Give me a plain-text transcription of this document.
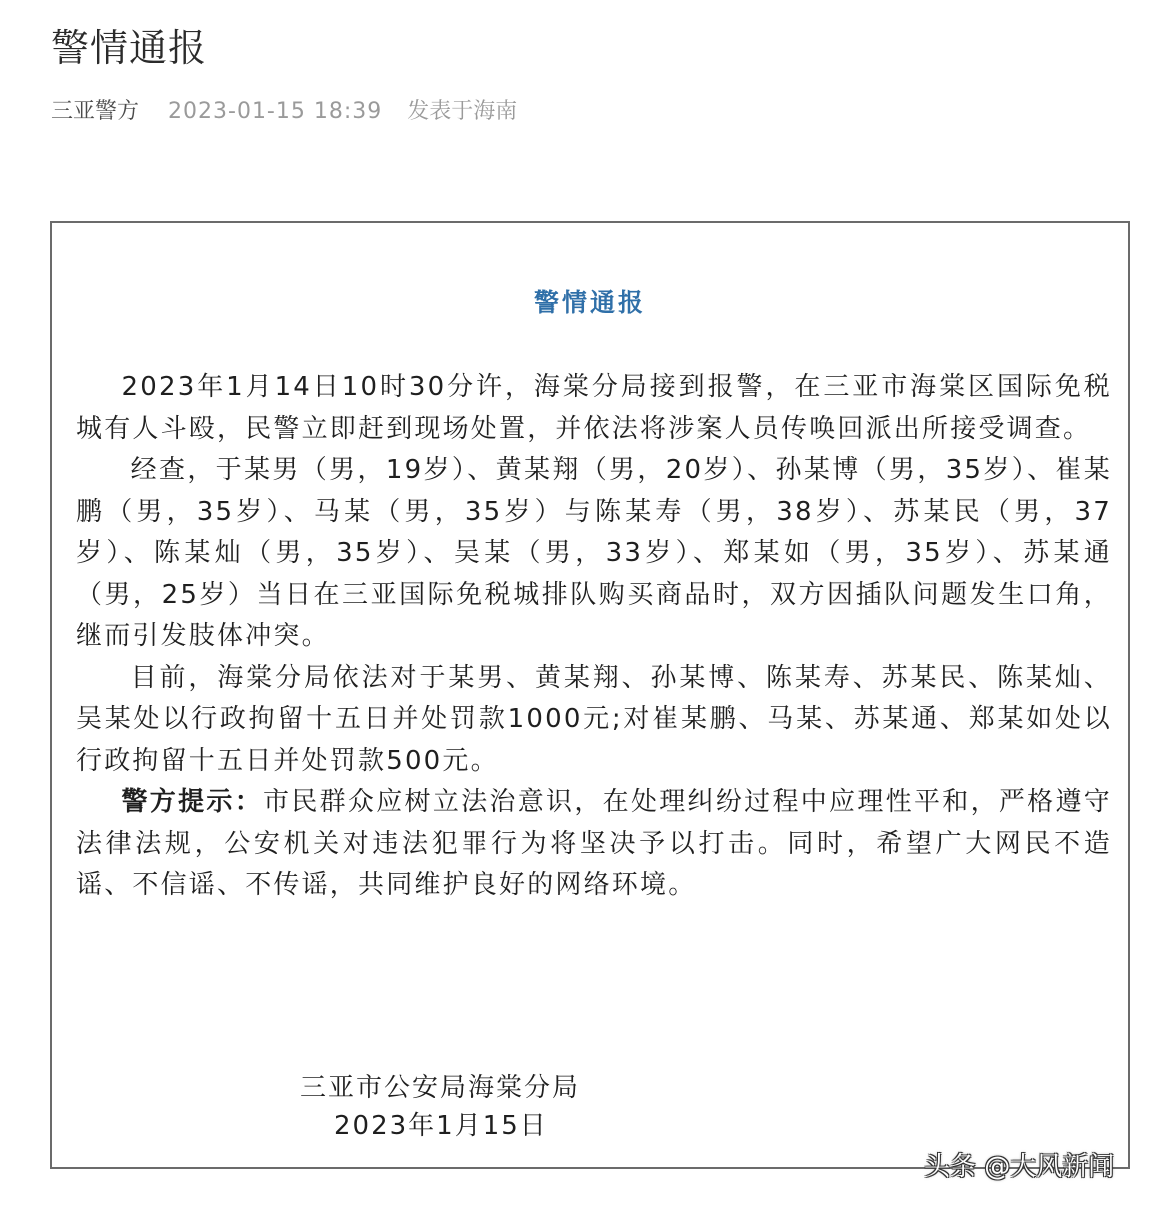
警情通报
三亚警方 2023-01-15 18:39 发表于海南
警情通报

2023年1月14日10时30分许，海棠分局接到报警，在三亚市海棠区国际免税城有人斗殴，民警立即赶到现场处置，并依法将涉案人员传唤回派出所接受调查。

经查，于某男（男，19岁）、黄某翔（男，20岁）、孙某博（男，35岁）、崔某鹏（男，35岁）、马某（男，35岁）与陈某寿（男，38岁）、苏某民（男，37岁）、陈某灿（男，35岁）、吴某（男，33岁）、郑某如（男，35岁）、苏某通（男，25岁）当日在三亚国际免税城排队购买商品时，双方因插队问题发生口角，继而引发肢体冲突。

目前，海棠分局依法对于某男、黄某翔、孙某博、陈某寿、苏某民、陈某灿、吴某处以行政拘留十五日并处罚款1000元;对崔某鹏、马某、苏某通、郑某如处以行政拘留十五日并处罚款500元。

警方提示：市民群众应树立法治意识，在处理纠纷过程中应理性平和，严格遵守法律法规，公安机关对违法犯罪行为将坚决予以打击。同时，希望广大网民不造谣、不信谣、不传谣，共同维护良好的网络环境。

三亚市公安局海棠分局
2023年1月15日
头条 @大风新闻
